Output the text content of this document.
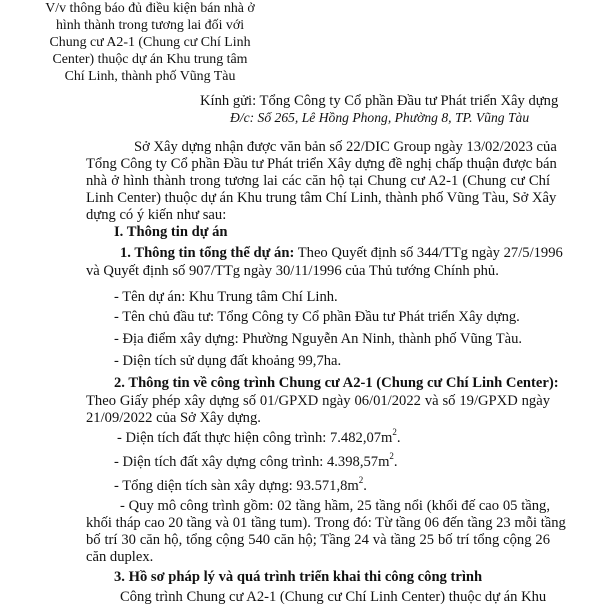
V/v thông báo đủ điều kiện bán nhà ở
hình thành trong tương lai đối với
Chung cư A2-1 (Chung cư Chí Linh
Center) thuộc dự án Khu trung tâm
Chí Linh, thành phố Vũng Tàu
Kính gửi: Tổng Công ty Cổ phần Đầu tư Phát triển Xây dựng
Đ/c: Số 265, Lê Hồng Phong, Phường 8, TP. Vũng Tàu
Sở Xây dựng nhận được văn bản số 22/DIC Group ngày 13/02/2023 của
Tổng Công ty Cổ phần Đầu tư Phát triển Xây dựng đề nghị chấp thuận được bán
nhà ở hình thành trong tương lai các căn hộ tại Chung cư A2-1 (Chung cư Chí
Linh Center) thuộc dự án Khu trung tâm Chí Linh, thành phố Vũng Tàu, Sở Xây
dựng có ý kiến như sau:
I. Thông tin dự án
1. Thông tin tổng thể dự án: Theo Quyết định số 344/TTg ngày 27/5/1996
và Quyết định số 907/TTg ngày 30/11/1996 của Thủ tướng Chính phủ.
- Tên dự án: Khu Trung tâm Chí Linh.
- Tên chủ đầu tư: Tổng Công ty Cổ phần Đầu tư Phát triển Xây dựng.
- Địa điểm xây dựng: Phường Nguyễn An Ninh, thành phố Vũng Tàu.
- Diện tích sử dụng đất khoảng 99,7ha.
2. Thông tin về công trình Chung cư A2-1 (Chung cư Chí Linh Center):
Theo Giấy phép xây dựng số 01/GPXD ngày 06/01/2022 và số 19/GPXD ngày
21/09/2022 của Sở Xây dựng.
- Diện tích đất thực hiện công trình: $7.482,07m^2$.
- Diện tích đất xây dựng công trình: $4.398,57m^2$.
- Tổng diện tích sàn xây dựng: $93.571,8m^2$.
- Quy mô công trình gồm: 02 tầng hầm, 25 tầng nổi (khối đế cao 05 tầng,
khối tháp cao 20 tầng và 01 tầng tum). Trong đó: Từ tầng 06 đến tầng 23 mỗi tầng
bố trí 30 căn hộ, tổng cộng 540 căn hộ; Tầng 24 và tầng 25 bố trí tổng cộng 26
căn duplex.
3. Hồ sơ pháp lý và quá trình triển khai thi công công trình
Công trình Chung cư A2-1 (Chung cư Chí Linh Center) thuộc dự án Khu
